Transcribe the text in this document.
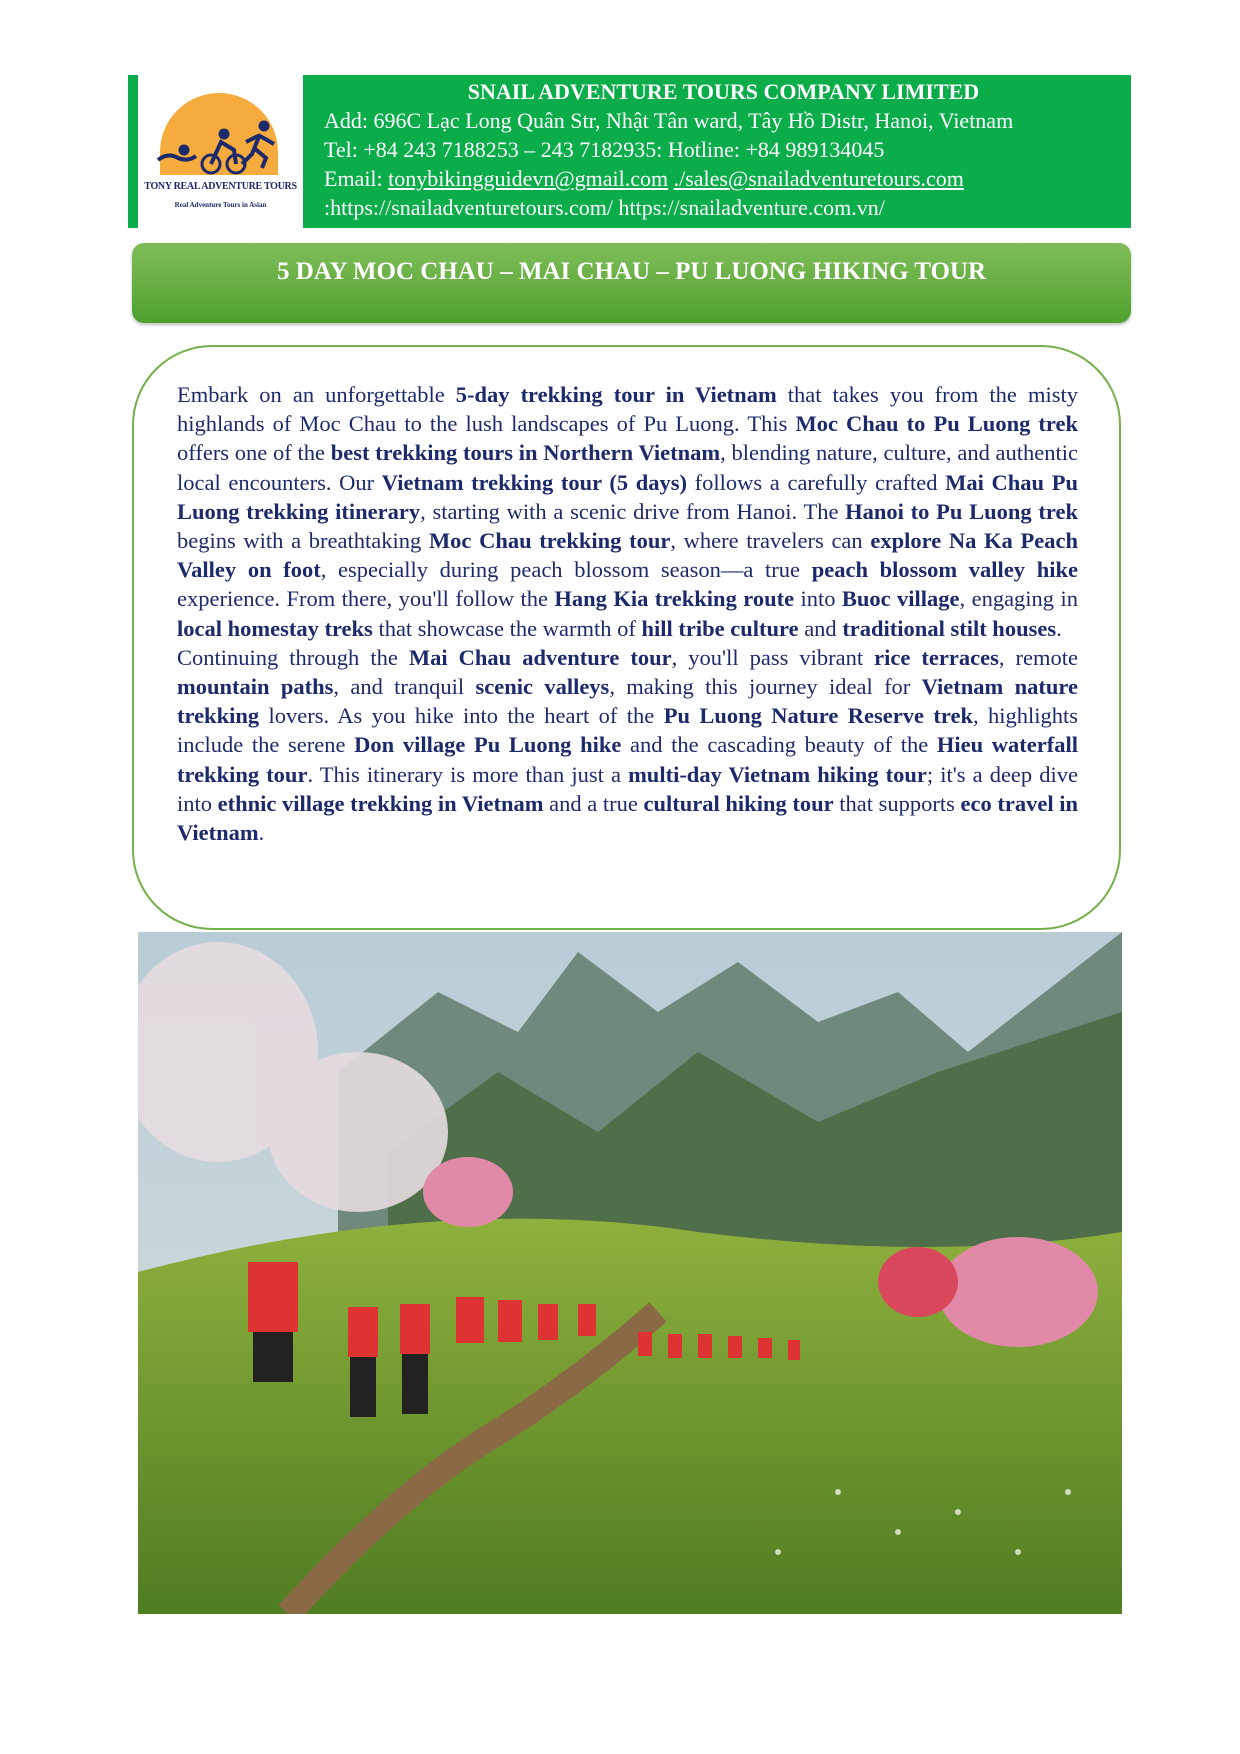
TONY REAL ADVENTURE TOURS
Real Adventure Tours in Asian
SNAIL ADVENTURE TOURS COMPANY LIMITED
Add: 696C Lạc Long Quân Str, Nhật Tân ward, Tây Hồ Distr, Hanoi, Vietnam
Tel: +84 243 7188253 – 243 7182935: Hotline: +84 989134045
Email: tonybikingguidevn@gmail.com ./sales@snailadventuretours.com
:https://snailadventuretours.com/ https://snailadventure.com.vn/
5 DAY MOC CHAU – MAI CHAU – PU LUONG HIKING TOUR
Embark on an unforgettable 5-day trekking tour in Vietnam that takes you from the misty highlands of Moc Chau to the lush landscapes of Pu Luong. This Moc Chau to Pu Luong trek offers one of the best trekking tours in Northern Vietnam, blending nature, culture, and authentic local encounters. Our Vietnam trekking tour (5 days) follows a carefully crafted Mai Chau Pu Luong trekking itinerary, starting with a scenic drive from Hanoi. The Hanoi to Pu Luong trek begins with a breathtaking Moc Chau trekking tour, where travelers can explore Na Ka Peach Valley on foot, especially during peach blossom season—a true peach blossom valley hike experience. From there, you'll follow the Hang Kia trekking route into Buoc village, engaging in local homestay treks that showcase the warmth of hill tribe culture and traditional stilt houses.
Continuing through the Mai Chau adventure tour, you'll pass vibrant rice terraces, remote mountain paths, and tranquil scenic valleys, making this journey ideal for Vietnam nature trekking lovers. As you hike into the heart of the Pu Luong Nature Reserve trek, highlights include the serene Don village Pu Luong hike and the cascading beauty of the Hieu waterfall trekking tour. This itinerary is more than just a multi-day Vietnam hiking tour; it's a deep dive into ethnic village trekking in Vietnam and a true cultural hiking tour that supports eco travel in Vietnam.
